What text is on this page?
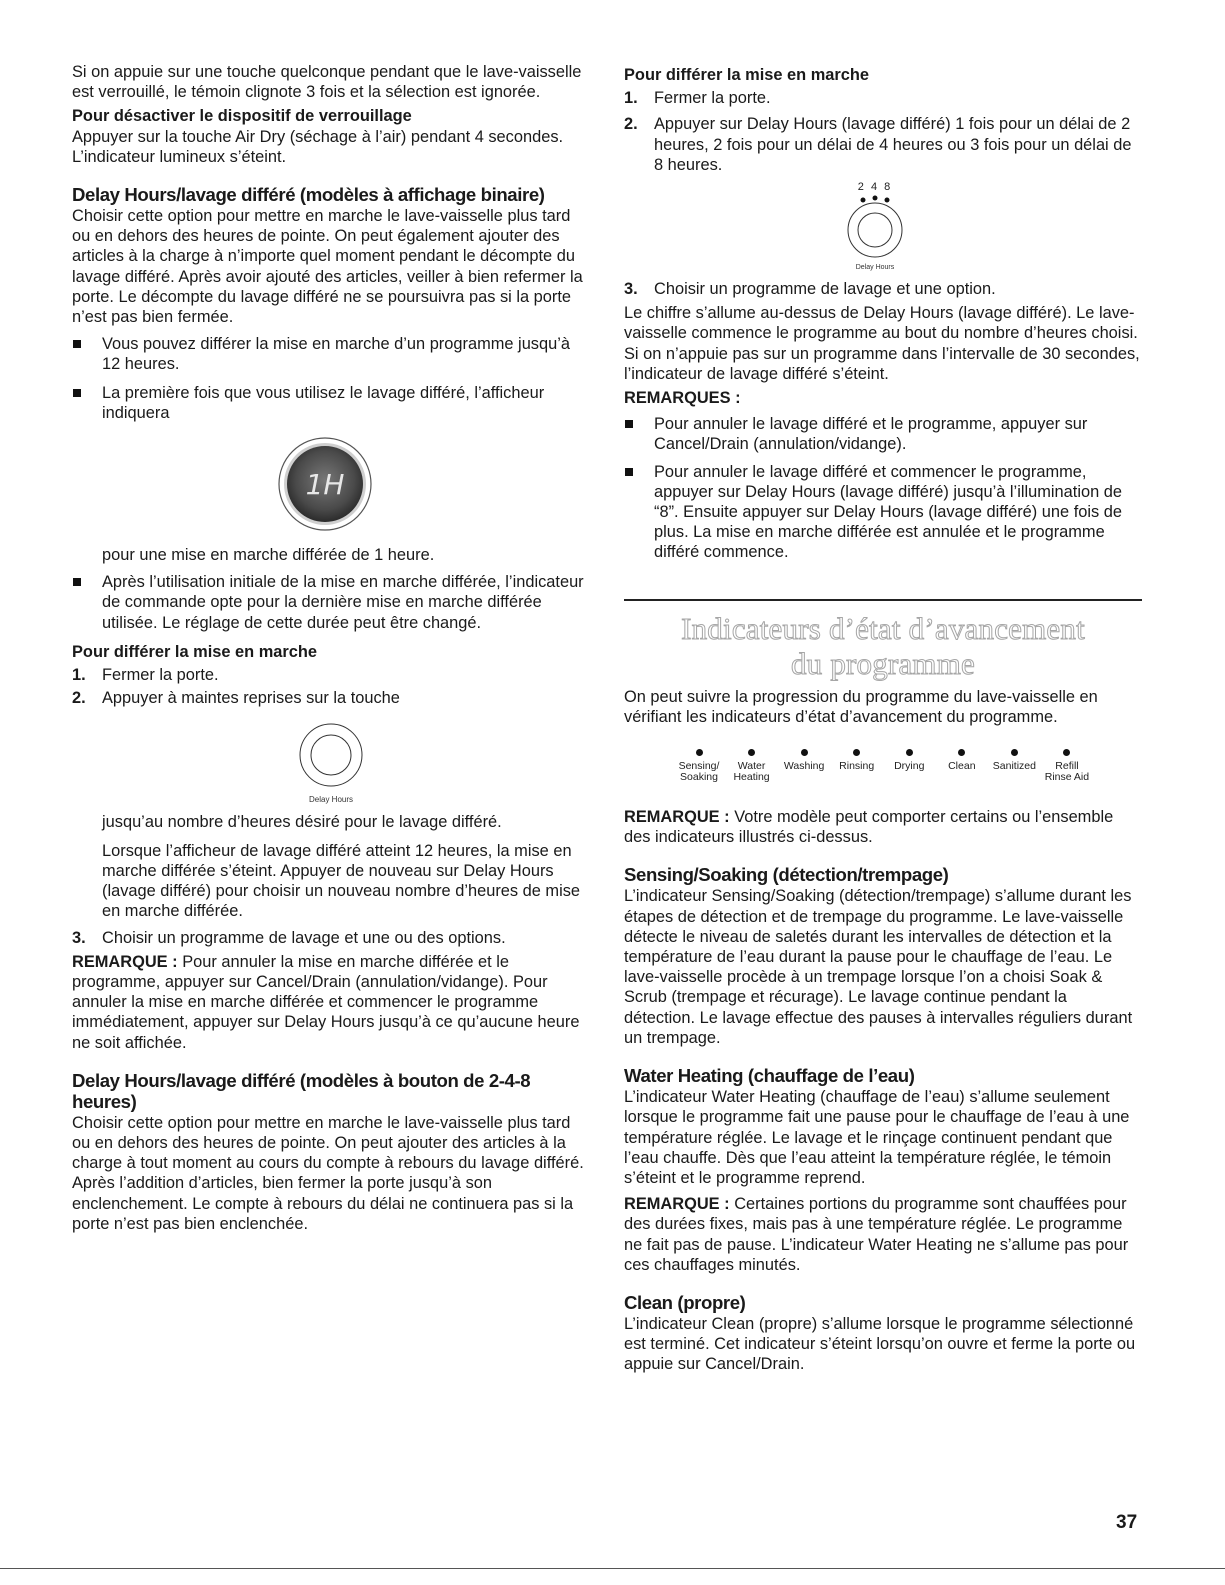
Si on appuie sur une touche quelconque pendant que le lave-vaisselle est verrouillé, le témoin clignote 3 fois et la sélection est ignorée.

Pour désactiver le dispositif de verrouillage

Appuyer sur la touche Air Dry (séchage à l’air) pendant 4 secondes. L’indicateur lumineux s’éteint.

Delay Hours/lavage différé (modèles à affichage binaire)

Choisir cette option pour mettre en marche le lave-vaisselle plus tard ou en dehors des heures de pointe. On peut également ajouter des articles à la charge à n’importe quel moment pendant le décompte du lavage différé. Après avoir ajouté des articles, veiller à bien refermer la porte. Le décompte du lavage différé ne se poursuivra pas si la porte n’est pas bien fermée.

Vous pouvez différer la mise en marche d’un programme jusqu’à 12 heures.
La première fois que vous utilisez le lavage différé, l’afficheur indiquera
1H

pour une mise en marche différée de 1 heure.

Après l’utilisation initiale de la mise en marche différée, l’indicateur de commande opte pour la dernière mise en marche différée utilisée. Le réglage de cette durée peut être changé.

Pour différer la mise en marche

1. Fermer la porte.
2. Appuyer à maintes reprises sur la touche
Delay Hours

jusqu’au nombre d’heures désiré pour le lavage différé.

Lorsque l’afficheur de lavage différé atteint 12 heures, la mise en marche différée s’éteint. Appuyer de nouveau sur Delay Hours (lavage différé) pour choisir un nouveau nombre d’heures de mise en marche différée.

3. Choisir un programme de lavage et une ou des options.

REMARQUE : Pour annuler la mise en marche différée et le programme, appuyer sur Cancel/Drain (annulation/vidange). Pour annuler la mise en marche différée et commencer le programme immédiatement, appuyer sur Delay Hours jusqu’à ce qu’aucune heure ne soit affichée.

Delay Hours/lavage différé (modèles à bouton de 2-4-8 heures)

Choisir cette option pour mettre en marche le lave-vaisselle plus tard ou en dehors des heures de pointe. On peut ajouter des articles à la charge à tout moment au cours du compte à rebours du lavage différé. Après l’addition d’articles, bien fermer la porte jusqu’à son enclenchement. Le compte à rebours du délai ne continuera pas si la porte n’est pas bien enclenchée.

Pour différer la mise en marche

1. Fermer la porte.
2. Appuyer sur Delay Hours (lavage différé) 1 fois pour un délai de 2 heures, 2 fois pour un délai de 4 heures ou 3 fois pour un délai de 8 heures.
2 4 8
Delay Hours
3. Choisir un programme de lavage et une option.

Le chiffre s’allume au-dessus de Delay Hours (lavage différé). Le lave-vaisselle commence le programme au bout du nombre d’heures choisi. Si on n’appuie pas sur un programme dans l’intervalle de 30 secondes, l’indicateur de lavage différé s’éteint.

REMARQUES :

Pour annuler le lavage différé et le programme, appuyer sur Cancel/Drain (annulation/vidange).
Pour annuler le lavage différé et commencer le programme, appuyer sur Delay Hours (lavage différé) jusqu’à l’illumination de “8”. Ensuite appuyer sur Delay Hours (lavage différé) une fois de plus. La mise en marche différée est annulée et le programme différé commence.
Indicateurs d’état d’avancement
du programme

On peut suivre la progression du programme du lave-vaisselle en vérifiant les indicateurs d’état d’avancement du programme.

Sensing/
Soaking
Water
Heating
Washing Rinsing Drying Clean Sanitized Refill
Rinse Aid

REMARQUE : Votre modèle peut comporter certains ou l’ensemble des indicateurs illustrés ci-dessus.

Sensing/Soaking (détection/trempage)

L’indicateur Sensing/Soaking (détection/trempage) s’allume durant les étapes de détection et de trempage du programme. Le lave-vaisselle détecte le niveau de saletés durant les intervalles de détection et la température de l’eau durant la pause pour le chauffage de l’eau. Le lave-vaisselle procède à un trempage lorsque l’on a choisi Soak & Scrub (trempage et récurage). Le lavage continue pendant la détection. Le lavage effectue des pauses à intervalles réguliers durant un trempage.

Water Heating (chauffage de l’eau)

L’indicateur Water Heating (chauffage de l’eau) s’allume seulement lorsque le programme fait une pause pour le chauffage de l’eau à une température réglée. Le lavage et le rinçage continuent pendant que l’eau chauffe. Dès que l’eau atteint la température réglée, le témoin s’éteint et le programme reprend.

REMARQUE : Certaines portions du programme sont chauffées pour des durées fixes, mais pas à une température réglée. Le programme ne fait pas de pause. L’indicateur Water Heating ne s’allume pas pour ces chauffages minutés.

Clean (propre)

L’indicateur Clean (propre) s’allume lorsque le programme sélectionné est terminé. Cet indicateur s’éteint lorsqu’on ouvre et ferme la porte ou appuie sur Cancel/Drain.

37
